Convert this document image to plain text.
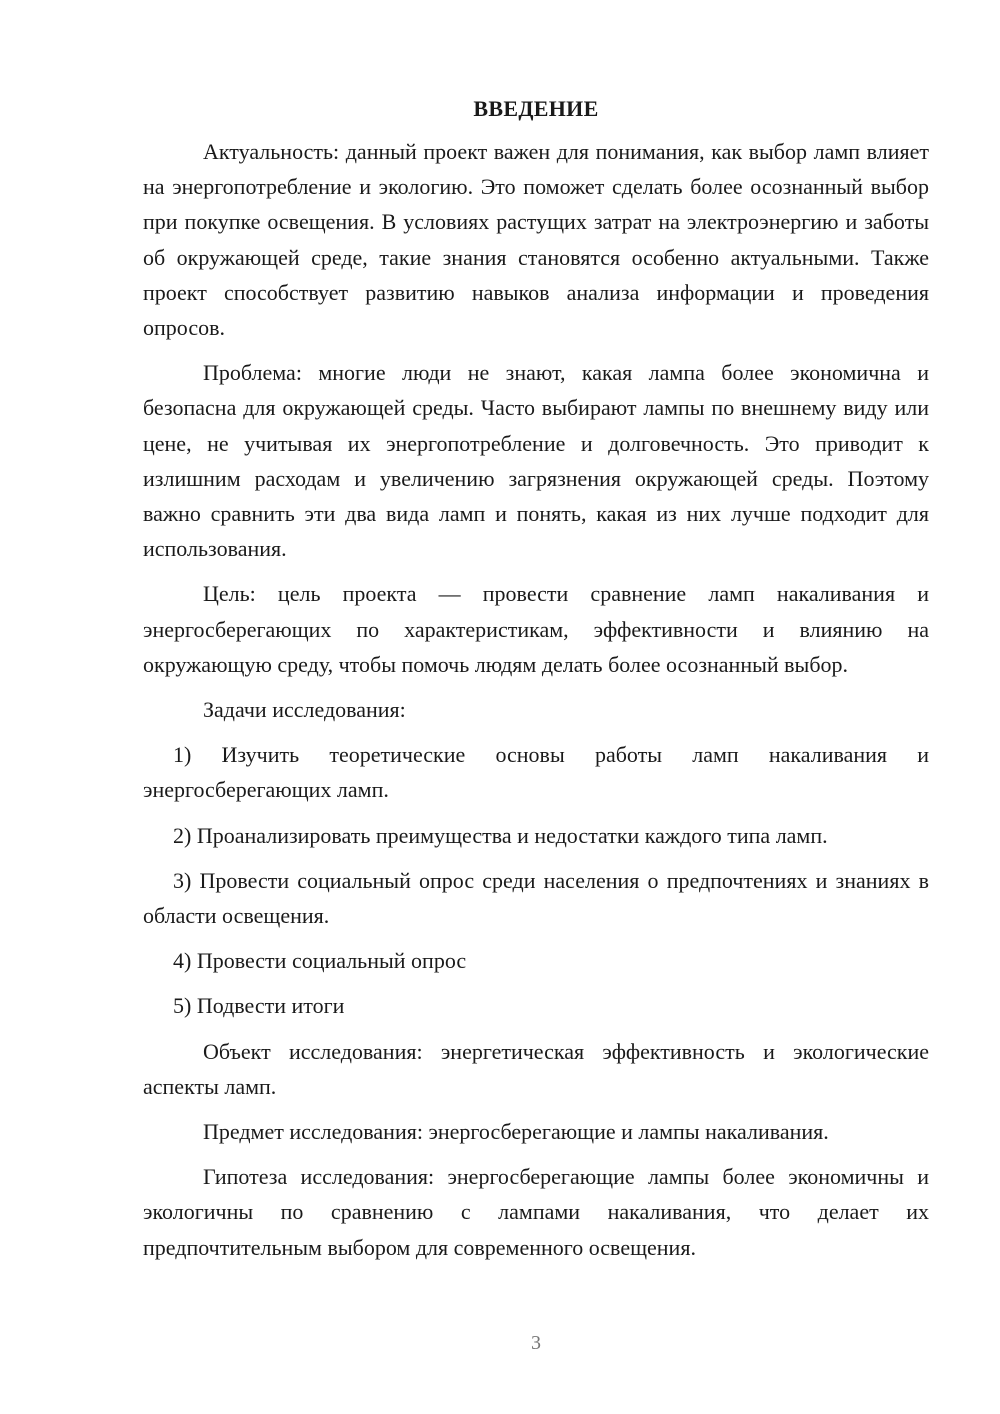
ВВЕДЕНИЕ

Актуальность: данный проект важен для понимания, как выбор ламп влияет на энергопотребление и экологию. Это поможет сделать более осознанный выбор при покупке освещения. В условиях растущих затрат на электроэнергию и заботы об окружающей среде, такие знания становятся особенно актуальными. Также проект способствует развитию навыков анализа информации и проведения опросов.

Проблема: многие люди не знают, какая лампа более экономична и безопасна для окружающей среды. Часто выбирают лампы по внешнему виду или цене, не учитывая их энергопотребление и долговечность. Это приводит к излишним расходам и увеличению загрязнения окружающей среды. Поэтому важно сравнить эти два вида ламп и понять, какая из них лучше подходит для использования.

Цель: цель проекта — провести сравнение ламп накаливания и энергосберегающих по характеристикам, эффективности и влиянию на окружающую среду, чтобы помочь людям делать более осознанный выбор.

Задачи исследования:

1) Изучить теоретические основы работы ламп накаливания и энергосберегающих ламп.

2) Проанализировать преимущества и недостатки каждого типа ламп.

3) Провести социальный опрос среди населения о предпочтениях и знаниях в области освещения.

4) Провести социальный опрос

5) Подвести итоги

Объект исследования: энергетическая эффективность и экологические аспекты ламп.

Предмет исследования: энергосберегающие и лампы накаливания.

Гипотеза исследования: энергосберегающие лампы более экономичны и экологичны по сравнению с лампами накаливания, что делает их предпочтительным выбором для современного освещения.

3
